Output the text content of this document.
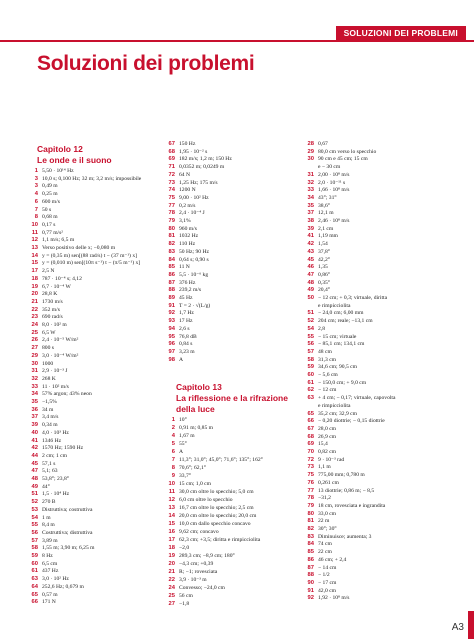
SOLUZIONI DEI PROBLEMI
Soluzioni dei problemi
Capitolo 12
Le onde e il suono
1 5,50 · 10¹⁴ Hz
3 10,0 s; 0,100 Hz; 32 m; 3,2 m/s; impossibile
3 0,49 m
4 0,25 m
6 600 m/s
7 50 s
8 0,68 m
10 0,17 s
11 0,77 m/s²
12 1,1 m/s; 6,5 m
13 Verso positivo delle x; −0,080 m
14 y = (0,35 m) sen[(88 rad/s) t − (37 m⁻¹) x]
15 y = (0,010 m) sen[(10π s⁻¹) t − (π/5 m⁻¹) x]
17 2,5 N
18 787 · 10⁻⁴ s; 4,12
19 6,7 · 10⁻⁴ W
20 28,8 K
21 1730 m/s
22 352 m/s
23 690 rad/s
24 8,0 · 10² m
25 6,5 W
26 2,4 · 10⁻⁵ W/m²
27 800 s
29 3,0 · 10⁻⁴ W/m²
30 1000
31 2,9 · 10⁻³ J
32 268 K
33 11 · 10² m/s
34 57% argon; 43% neon
35 −1,5%
36 34 m
37 3,4 m/s
39 0,34 m
40 4,0 · 10³ Hz
41 1346 Hz
42 1570 Hz; 1590 Hz
44 2 cm; 1 cm
45 57,1 s
47 5,1; 63
48 53,8°; 23,8°
49 44°
51 1,5 · 10⁴ Hz
52 270 B
53 Distruttiva; costruttiva
54 1 m
55 8,4 m
56 Costruttiva; distruttiva
57 3,89 m
58 1,55 m; 3,90 m; 6,25 m
59 8 Hz
60 6,5 cm
61 437 Hz
63 3,0 · 10² Hz
64 252,6 Hz; 0,679 m
65 0,57 m
66 171 N
67 150 Hz
68 1,95 · 10⁻² s
69 182 m/s; 1,2 m; 150 Hz
71 0,0352 m; 0,0249 m
72 64 N
73 1,25 Hz; 175 m/s
74 1200 N
75 9,00 · 10² Hz
77 0,2 m/s
78 2,4 · 10⁻⁴ J
79 3,1%
80 960 m/s
81 1032 Hz
82 110 Hz
83 50 Hz; 90 Hz
84 0,64 s; 0,90 s
85 11 N
86 5,5 · 10⁻⁶ kg
87 376 Hz
88 239,2 m/s
89 45 Hz
91 T = 2 · √(L/g)
92 1,7 Hz
93 17 Hz
94 2,6 s
95 76,8 dB
96 0,84 s
97 3,23 m
98 A
Capitolo 13
La riflessione e la rifrazione
della luce
1 10°
2 0,91 m; 0,85 m
4 1,67 m
5 55°
6 A
7 11,3°; 31,0°; 45,0°; 71,6°; 135°; 162°
8 70,6°; 62,1°
9 33,7°
10 15 cm; 1,0 cm
11 30,0 cm oltre lo specchio; 5,0 cm
12 6,0 cm oltre lo specchio
13 16,7 cm oltre lo specchio; 2,5 cm
14 20,0 cm oltre lo specchio; 20,0 cm
15 10,0 cm dallo specchio concavo
16 9,62 cm; concavo
17 62,3 cm; +3,5; diritta e rimpicciolita
18 −2,0
19 289,3 cm; −8,9 cm; 180°
20 −4,3 cm; +0,39
21 R; −1; rovesciata
22 3,9 · 10⁻³ m
24 Convesso; −24,0 cm
25 56 cm
27 −1,8
28 0,67
29 80,0 cm verso lo specchio
30 90 cm e 45 cm; 15 cm
e − 30 cm
31 2,00 · 10⁸ m/s
32 2,0 · 10⁻¹¹ s
33 1,66 · 10⁸ m/s
34 43°; 31°
35 38,6°
37 12,1 m
38 2,46 · 10⁸ m/s
39 2,1 cm
41 1,19 mm
42 1,54
43 37,8°
45 42,2°
46 1,35
47 0,86°
48 0,35°
49 20,4°
50 − 12 cm; + 0,3; virtuale, diritta
e rimpicciolita
51 − 24,0 cm; 6,00 mm
52 204 cm; reale; −13,1 cm
54 2,8
55 − 15 cm; virtuale
56 − 85,1 cm; 134,1 cm
57 48 cm
58 31,3 cm
59 34,6 cm; 90,5 cm
60 − 5,6 cm
61 − 150,0 cm; + 9,0 cm
62 − 12 cm
63 + 4 cm; − 0,17; virtuale, capovolta
e rimpicciolita
65 35,2 cm; 32,9 cm
66 − 0,20 diottrie; − 0,15 diottrie
67 28,0 cm
68 26,9 cm
69 15,4
70 0,82 cm
72 9 · 10⁻³ rad
73 1,1 m
75 775,00 mm; 0,780 m
76 0,261 cm
77 13 diottrie; 0,86 m; − 8,5
78 −31,2
79 18 cm, rovesciata e ingrandita
80 33,0 cm
81 22 m
82 30°; 30°
83 Diminuisce; aumenta; 3
84 74 cm
85 22 cm
86 46 cm; + 2,4
87 − 14 cm
88 − 1/2
90 − 17 cm
91 42,0 cm
92 1,92 · 10⁸ m/s
A3
